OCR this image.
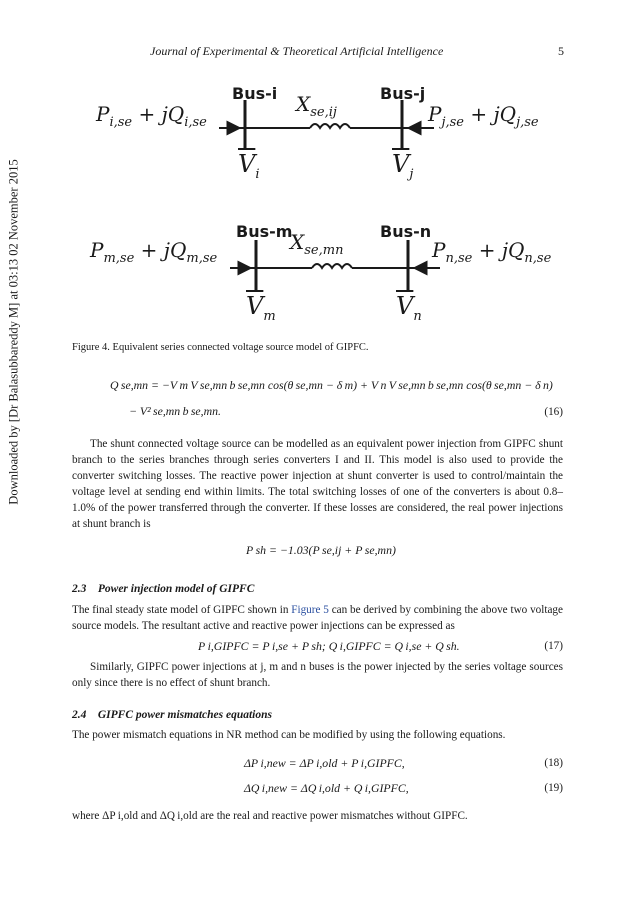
Journal of Experimental & Theoretical Artificial Intelligence	5
Downloaded by [Dr Balasubbareddy M] at 03:13 02 November 2015
$P_{i,se} + jQ_{i,se}$
Bus-i	Bus-j
$X_{se,ij}$	$P_{j,se} + jQ_{j,se}$
$\overline{V}_i$	$\overline{V}_j$
$P_{m,se} + jQ_{m,se}$
Bus-m	Bus-n
$X_{se,mn}$	$P_{n,se} + jQ_{n,se}$
$\overline{V}_m$	$\overline{V}_n$
Figure 4. Equivalent series connected voltage source model of GIPFC.
Q se,mn = −V m V se,mn b se,mn cos(θ se,mn − δ m) + V n V se,mn b se,mn cos(θ se,mn − δ n)
− V² se,mn b se,mn.	(16)
The shunt connected voltage source can be modelled as an equivalent power injection from GIPFC shunt branch to the series branches through series converters I and II. This model is also used to provide the converter switching losses. The reactive power injection at shunt converter is used to control/maintain the voltage level at sending end within limits. The total switching losses of one of the converters is about 0.8–1.0% of the power transferred through the converter. If these losses are considered, the real power injections at shunt branch is
P sh = −1.03(P se,ij + P se,mn)
2.3 Power injection model of GIPFC
The final steady state model of GIPFC shown in Figure 5 can be derived by combining the above two voltage source models. The resultant active and reactive power injections can be expressed as
P i,GIPFC = P i,se + P sh; Q i,GIPFC = Q i,se + Q sh.	(17)
Similarly, GIPFC power injections at j, m and n buses is the power injected by the series voltage sources only since there is no effect of shunt branch.
2.4 GIPFC power mismatches equations
The power mismatch equations in NR method can be modified by using the following equations.
ΔP i,new = ΔP i,old + P i,GIPFC,	(18)
ΔQ i,new = ΔQ i,old + Q i,GIPFC,	(19)
where ΔP i,old and ΔQ i,old are the real and reactive power mismatches without GIPFC.
